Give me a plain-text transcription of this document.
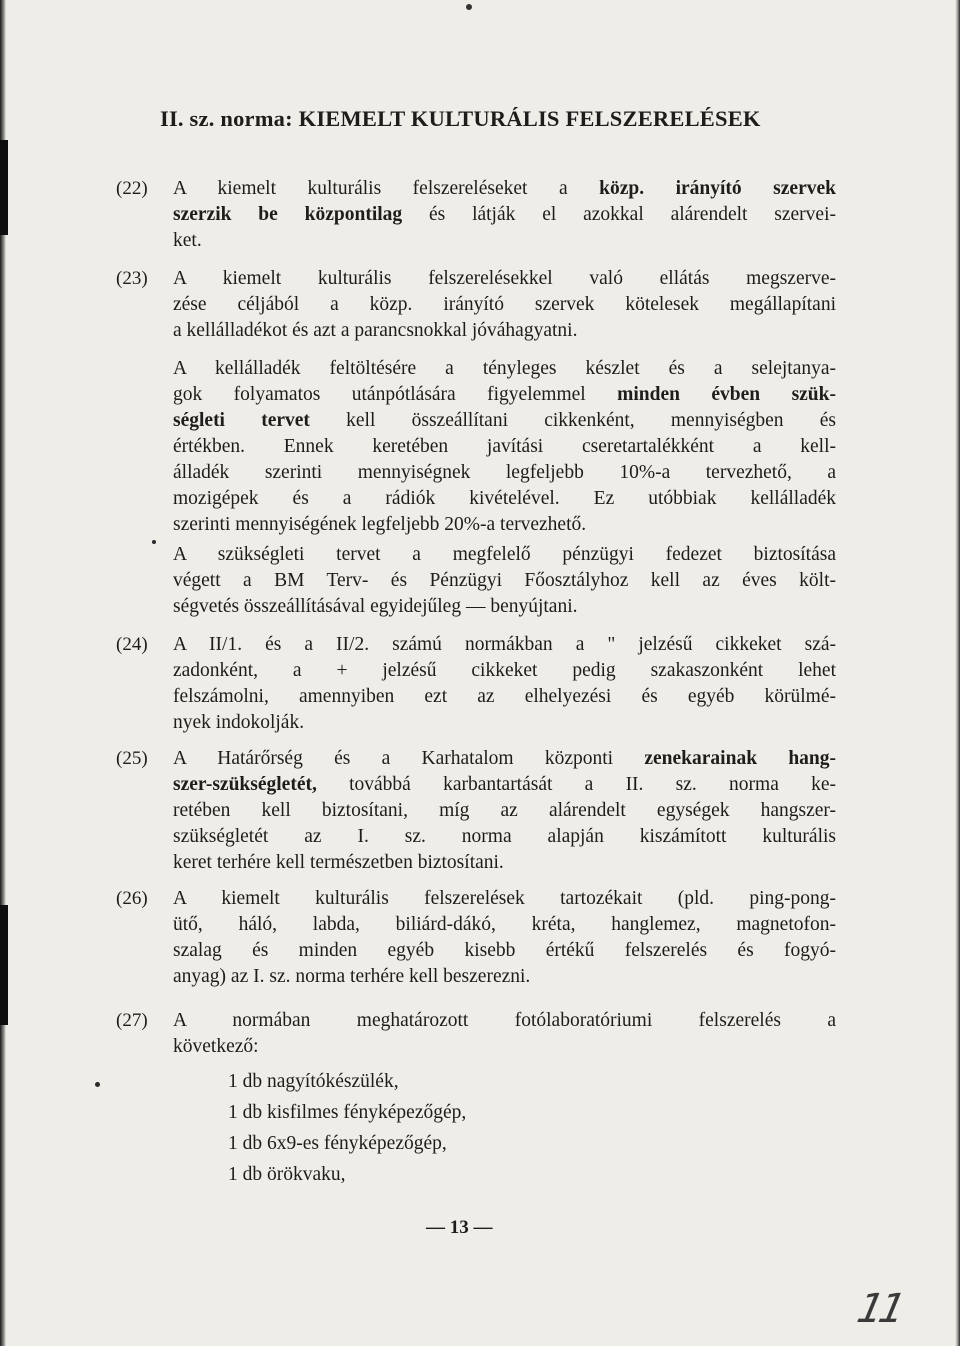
II. sz. norma: KIEMELT KULTURÁLIS FELSZERELÉSEK
(22) A kiemelt kulturális felszereléseket a közp. irányító szervek
szerzik be központilag és látják el azokkal alárendelt szervei-
ket.
(23) A kiemelt kulturális felszerelésekkel való ellátás megszerve-
zése céljából a közp. irányító szervek kötelesek megállapítani
a kellálladékot és azt a parancsnokkal jóváhagyatni.
A kellálladék feltöltésére a tényleges készlet és a selejtanya-
gok folyamatos utánpótlására figyelemmel minden évben szük-
ségleti tervet kell összeállítani cikkenként, mennyiségben és
értékben. Ennek keretében javítási cseretartalékként a kell-
álladék szerinti mennyiségnek legfeljebb 10%-a tervezhető, a
mozigépek és a rádiók kivételével. Ez utóbbiak kellálladék
szerinti mennyiségének legfeljebb 20%-a tervezhető.
A szükségleti tervet a megfelelő pénzügyi fedezet biztosítása
végett a BM Terv- és Pénzügyi Főosztályhoz kell az éves költ-
ségvetés összeállításával egyidejűleg — benyújtani.
(24) A II/1. és a II/2. számú normákban a " jelzésű cikkeket szá-
zadonként, a + jelzésű cikkeket pedig szakaszonként lehet
felszámolni, amennyiben ezt az elhelyezési és egyéb körülmé-
nyek indokolják.
(25) A Határőrség és a Karhatalom központi zenekarainak hang-
szer-szükségletét, továbbá karbantartását a II. sz. norma ke-
retében kell biztosítani, míg az alárendelt egységek hangszer-
szükségletét az I. sz. norma alapján kiszámított kulturális
keret terhére kell természetben biztosítani.
(26) A kiemelt kulturális felszerelések tartozékait (pld. ping-pong-
ütő, háló, labda, biliárd-dákó, kréta, hanglemez, magnetofon-
szalag és minden egyéb kisebb értékű felszerelés és fogyó-
anyag) az I. sz. norma terhére kell beszerezni.
(27) A normában meghatározott fotólaboratóriumi felszerelés a
következő:
1 db nagyítókészülék,
1 db kisfilmes fényképezőgép,
1 db 6x9-es fényképezőgép,
1 db örökvaku,
— 13 —
11
